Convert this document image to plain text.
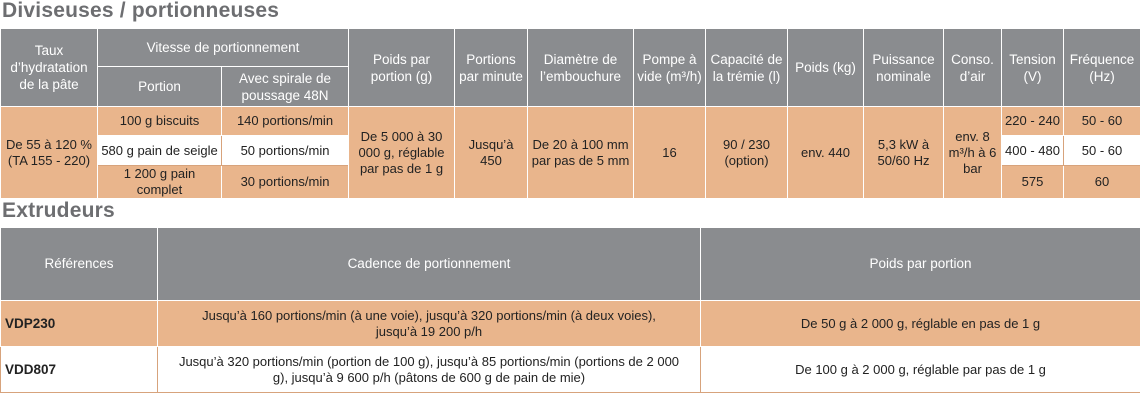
Diviseuses / portionneuses
Taux d’hydratation de la pâte	Vitesse de portionnement		Poids par portion (g)	Portions par minute	Diamètre de l’embouchure	Pompe à vide (m³/h)	Capacité de la trémie (l)	Poids (kg)	Puissance nominale	Conso. d’air	Tension (V)	Fréquence (Hz)
	Portion	Avec spirale de poussage 48N										
De 55 à 120 % (TA 155 - 220)	100 g biscuits	140 portions/min	De 5 000 à 30 000 g, réglable par pas de 1 g	Jusqu’à 450	De 20 à 100 mm par pas de 5 mm	16	90 / 230 (option)	env. 440	5,3 kW à 50/60 Hz	env. 8 m³/h à 6 bar	220 - 240	50 - 60
	580 g pain de seigle	50 portions/min									400 - 480	50 - 60
	1 200 g pain complet	30 portions/min									575	60
Extrudeurs
Références	Cadence de portionnement	Poids par portion
VDP230	Jusqu’à 160 portions/min (à une voie), jusqu’à 320 portions/min (à deux voies), jusqu’à 19 200 p/h	De 50 g à 2 000 g, réglable en pas de 1 g
VDD807	Jusqu’à 320 portions/min (portion de 100 g), jusqu’à 85 portions/min (portions de 2 000 g), jusqu’à 9 600 p/h (pâtons de 600 g de pain de mie)	De 100 g à 2 000 g, réglable par pas de 1 g
